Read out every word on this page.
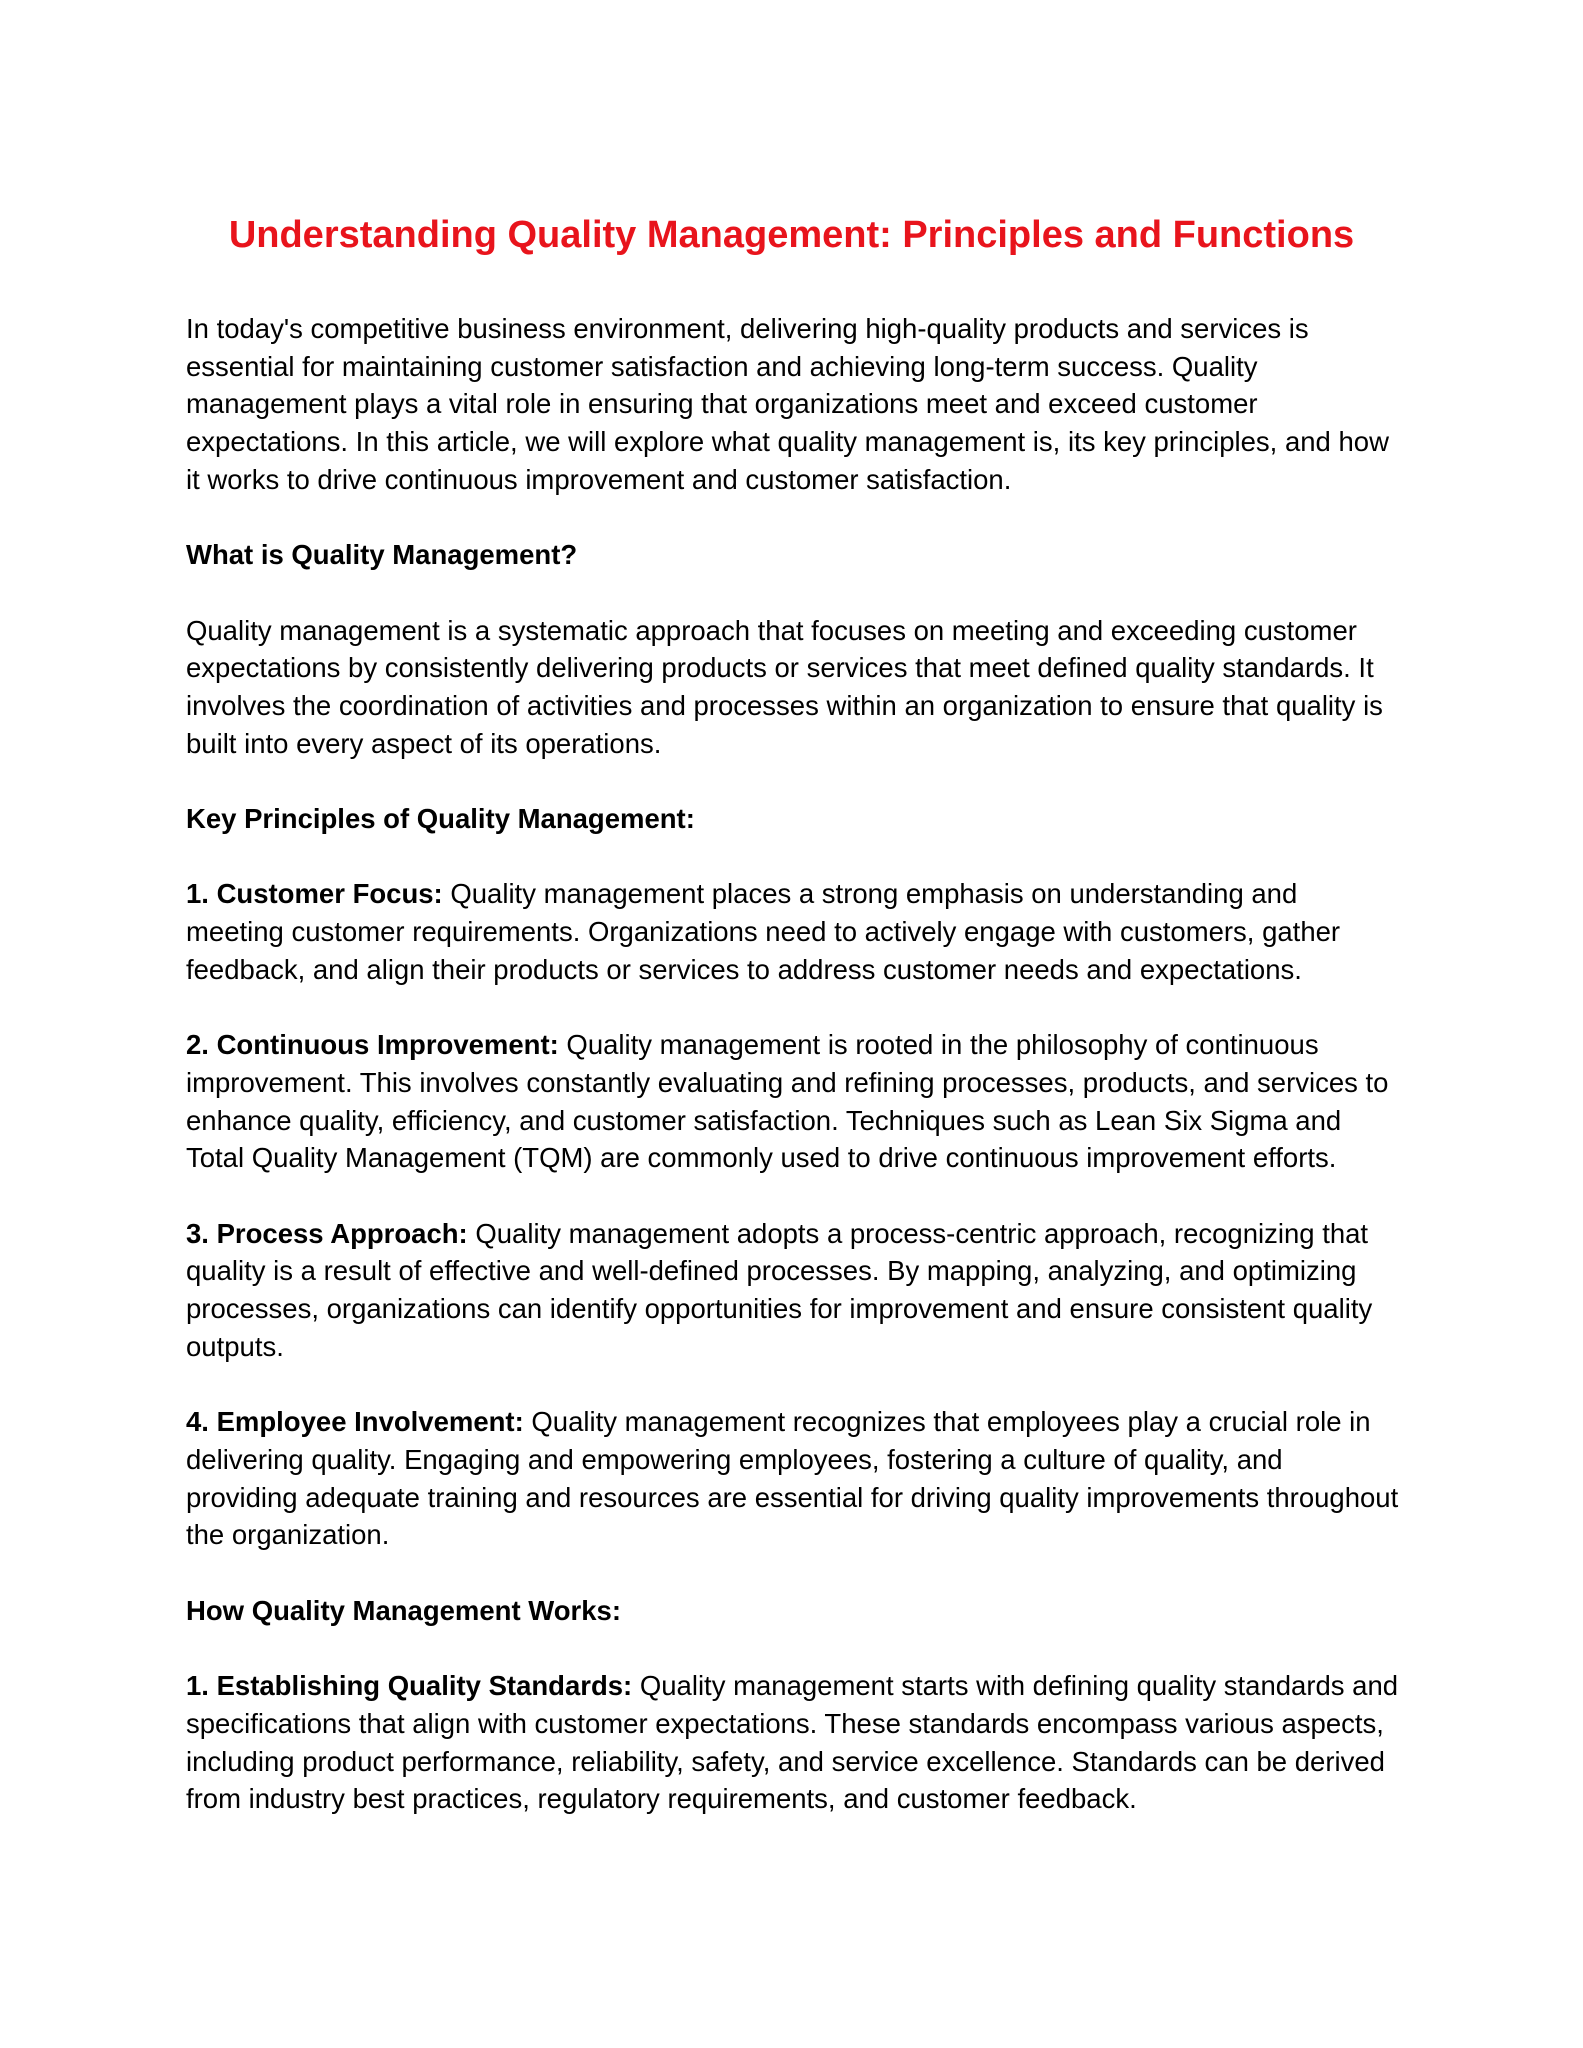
Understanding Quality Management: Principles and Functions

In today's competitive business environment, delivering high-quality products and services is essential for maintaining customer satisfaction and achieving long-term success. Quality management plays a vital role in ensuring that organizations meet and exceed customer expectations. In this article, we will explore what quality management is, its key principles, and how it works to drive continuous improvement and customer satisfaction.

What is Quality Management?

Quality management is a systematic approach that focuses on meeting and exceeding customer expectations by consistently delivering products or services that meet defined quality standards. It involves the coordination of activities and processes within an organization to ensure that quality is built into every aspect of its operations.

Key Principles of Quality Management:

1. Customer Focus: Quality management places a strong emphasis on understanding and meeting customer requirements. Organizations need to actively engage with customers, gather feedback, and align their products or services to address customer needs and expectations.

2. Continuous Improvement: Quality management is rooted in the philosophy of continuous improvement. This involves constantly evaluating and refining processes, products, and services to enhance quality, efficiency, and customer satisfaction. Techniques such as Lean Six Sigma and Total Quality Management (TQM) are commonly used to drive continuous improvement efforts.

3. Process Approach: Quality management adopts a process-centric approach, recognizing that quality is a result of effective and well-defined processes. By mapping, analyzing, and optimizing processes, organizations can identify opportunities for improvement and ensure consistent quality outputs.

4. Employee Involvement: Quality management recognizes that employees play a crucial role in delivering quality. Engaging and empowering employees, fostering a culture of quality, and providing adequate training and resources are essential for driving quality improvements throughout the organization.

How Quality Management Works:

1. Establishing Quality Standards: Quality management starts with defining quality standards and specifications that align with customer expectations. These standards encompass various aspects, including product performance, reliability, safety, and service excellence. Standards can be derived from industry best practices, regulatory requirements, and customer feedback.
